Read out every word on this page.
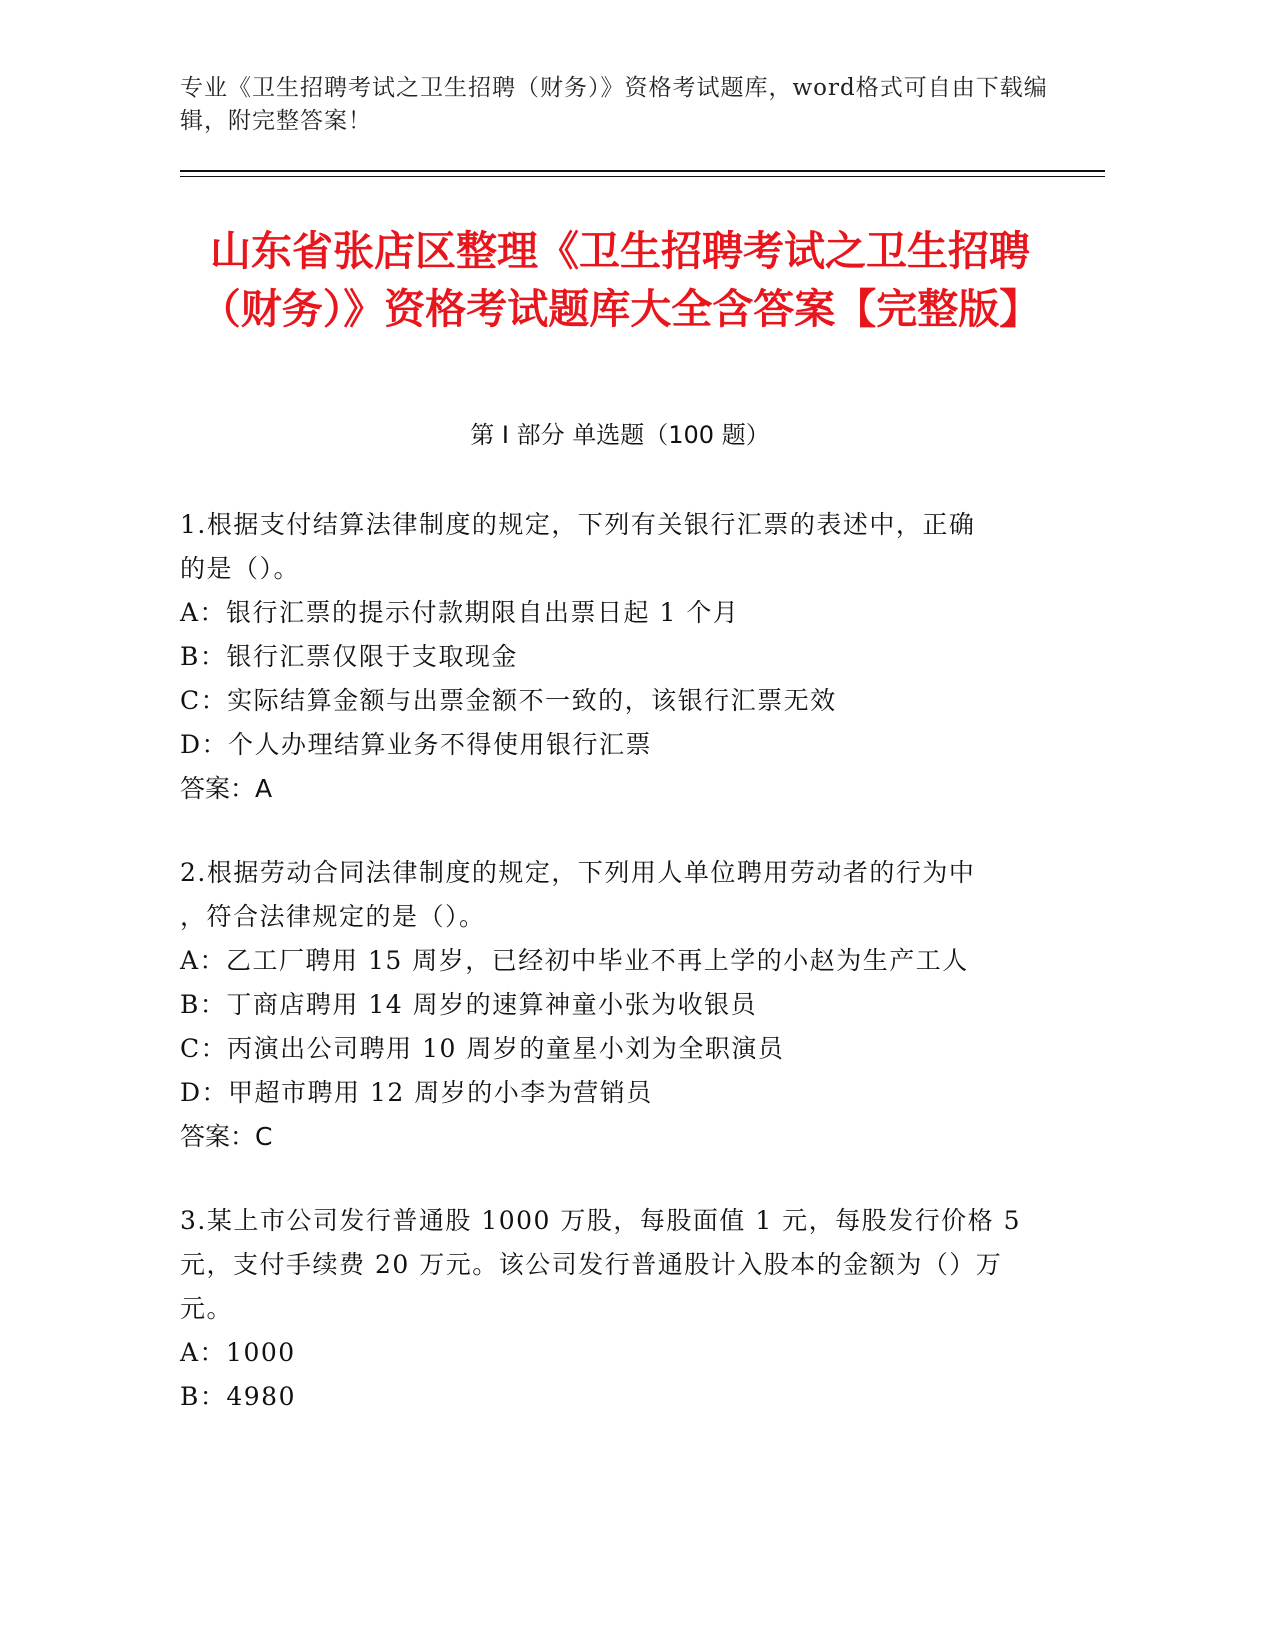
专业《卫生招聘考试之卫生招聘（财务）》资格考试题库，word格式可自由下载编辑，附完整答案！
山东省张店区整理《卫生招聘考试之卫生招聘（财务）》资格考试题库大全含答案【完整版】
第 I 部分 单选题（100 题）
1.根据支付结算法律制度的规定，下列有关银行汇票的表述中，正确
的是（）。
A：银行汇票的提示付款期限自出票日起 1 个月
B：银行汇票仅限于支取现金
C：实际结算金额与出票金额不一致的，该银行汇票无效
D：个人办理结算业务不得使用银行汇票
答案：A
2.根据劳动合同法律制度的规定，下列用人单位聘用劳动者的行为中
，符合法律规定的是（）。
A：乙工厂聘用 15 周岁，已经初中毕业不再上学的小赵为生产工人
B：丁商店聘用 14 周岁的速算神童小张为收银员
C：丙演出公司聘用 10 周岁的童星小刘为全职演员
D：甲超市聘用 12 周岁的小李为营销员
答案：C
3.某上市公司发行普通股 1000 万股，每股面值 1 元，每股发行价格 5
元，支付手续费 20 万元。该公司发行普通股计入股本的金额为（）万
元。
A：1000
B：4980
